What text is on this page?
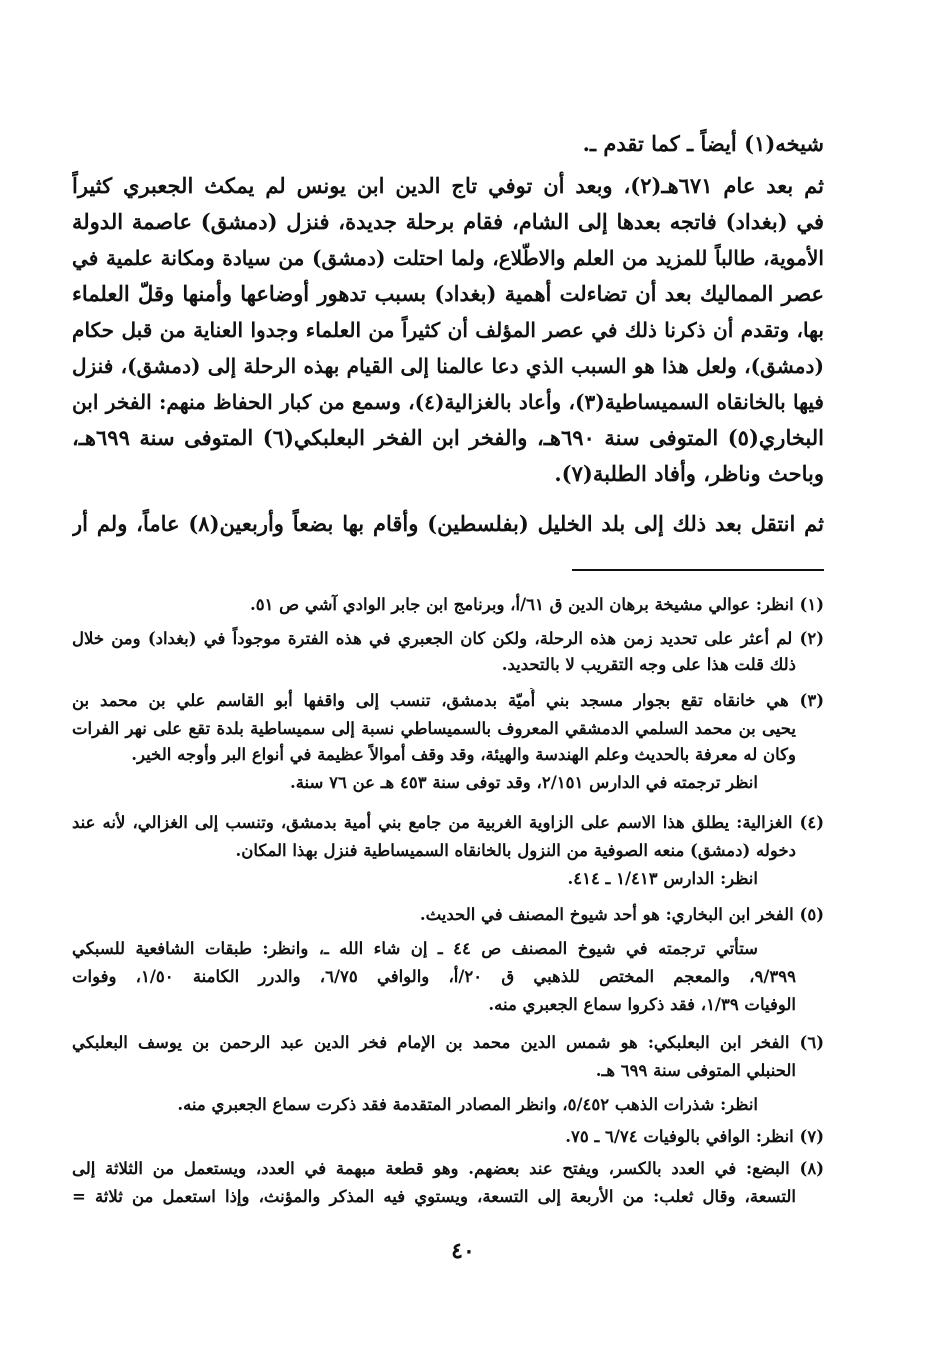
شيخه(١) أيضاً ـ كما تقدم ـ.
ثم بعد عام ٦٧١هـ(٢)، وبعد أن توفي تاج الدين ابن يونس لم يمكث الجعبري كثيراً
في (بغداد) فاتجه بعدها إلى الشام، فقام برحلة جديدة، فنزل (دمشق) عاصمة الدولة
الأموية، طالباً للمزيد من العلم والاطّلاع، ولما احتلت (دمشق) من سيادة ومكانة علمية في
عصر المماليك بعد أن تضاءلت أهمية (بغداد) بسبب تدهور أوضاعها وأمنها وقلّ العلماء
بها، وتقدم أن ذكرنا ذلك في عصر المؤلف أن كثيراً من العلماء وجدوا العناية من قبل حكام
(دمشق)، ولعل هذا هو السبب الذي دعا عالمنا إلى القيام بهذه الرحلة إلى (دمشق)، فنزل
فيها بالخانقاه السميساطية(٣)، وأعاد بالغزالية(٤)، وسمع من كبار الحفاظ منهم: الفخر ابن
البخاري(٥) المتوفى سنة ٦٩٠هـ، والفخر ابن الفخر البعلبكي(٦) المتوفى سنة ٦٩٩هـ،
وباحث وناظر، وأفاد الطلبة(٧).
ثم انتقل بعد ذلك إلى بلد الخليل (بفلسطين) وأقام بها بضعاً وأربعين(٨) عاماً، ولم أر
(١) انظر: عوالي مشيخة برهان الدين ق ٦١/أ، وبرنامج ابن جابر الوادي آشي ص ٥١.
(٢) لم أعثر على تحديد زمن هذه الرحلة، ولكن كان الجعبري في هذه الفترة موجوداً في (بغداد) ومن خلال
ذلك قلت هذا على وجه التقريب لا بالتحديد.
(٣) هي خانقاه تقع بجوار مسجد بني أُميّة بدمشق، تنسب إلى واقفها أبو القاسم علي بن محمد بن
يحيى بن محمد السلمي الدمشقي المعروف بالسميساطي نسبة إلى سميساطية بلدة تقع على نهر الفرات
وكان له معرفة بالحديث وعلم الهندسة والهيئة، وقد وقف أموالاً عظيمة في أنواع البر وأوجه الخير.
انظر ترجمته في الدارس ٢/١٥١، وقد توفى سنة ٤٥٣ هـ عن ٧٦ سنة.
(٤) الغزالية: يطلق هذا الاسم على الزاوية الغربية من جامع بني أمية بدمشق، وتنسب إلى الغزالي، لأنه عند
دخوله (دمشق) منعه الصوفية من النزول بالخانقاه السميساطية فنزل بهذا المكان.
انظر: الدارس ١/٤١٣ ـ ٤١٤.
(٥) الفخر ابن البخاري: هو أحد شيوخ المصنف في الحديث.
ستأتي ترجمته في شيوخ المصنف ص ٤٤ ـ إن شاء الله ـ، وانظر: طبقات الشافعية للسبكي
٩/٣٩٩، والمعجم المختص للذهبي ق ٢٠/أ، والوافي ٦/٧٥، والدرر الكامنة ١/٥٠، وفوات
الوفيات ١/٣٩، فقد ذكروا سماع الجعبري منه.
(٦) الفخر ابن البعلبكي: هو شمس الدين محمد بن الإمام فخر الدين عبد الرحمن بن يوسف البعلبكي
الحنبلي المتوفى سنة ٦٩٩ هـ.
انظر: شذرات الذهب ٥/٤٥٢، وانظر المصادر المتقدمة فقد ذكرت سماع الجعبري منه.
(٧) انظر: الوافي بالوفيات ٦/٧٤ ـ ٧٥.
(٨) البضع: في العدد بالكسر، ويفتح عند بعضهم. وهو قطعة مبهمة في العدد، ويستعمل من الثلاثة إلى
التسعة، وقال ثعلب: من الأربعة إلى التسعة، ويستوي فيه المذكر والمؤنث، وإذا استعمل من ثلاثة =
٤٠
